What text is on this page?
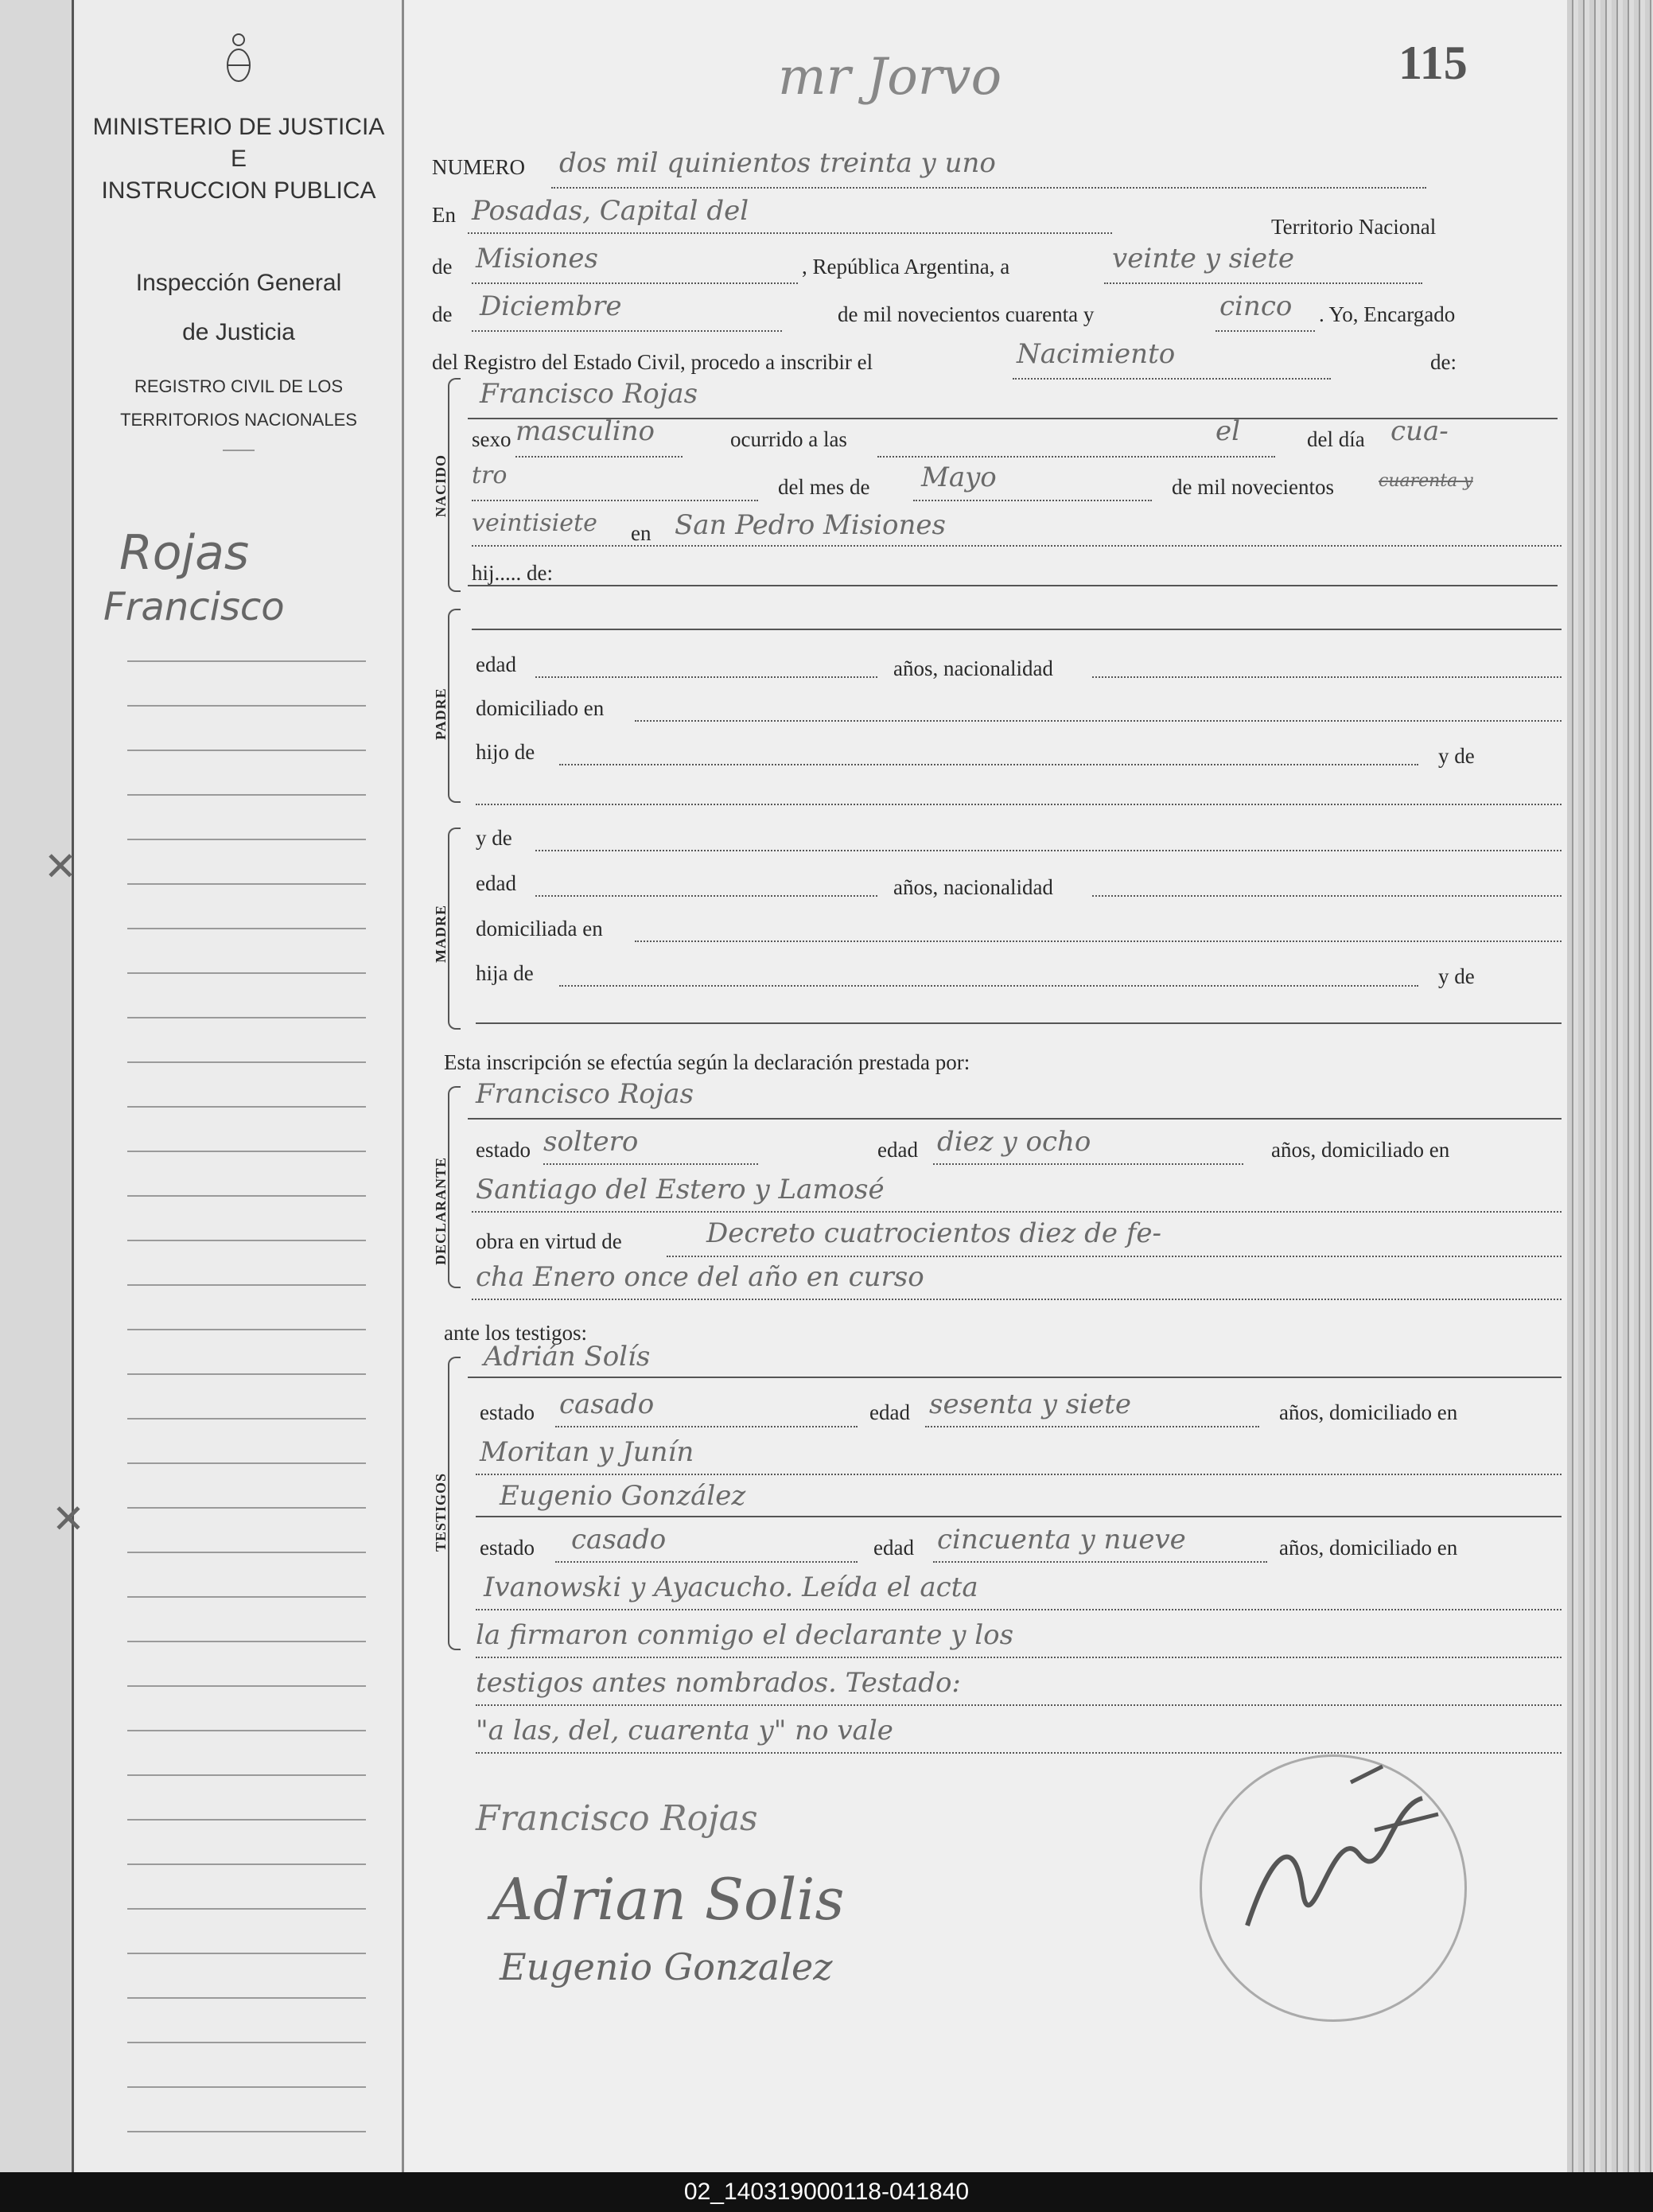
MINISTERIO DE JUSTICIA
E
INSTRUCCION PUBLICA
Inspección General
de Justicia
REGISTRO CIVIL DE LOS
TERRITORIOS NACIONALES
Rojas
Francisco
✕
✕
mr Jorvo	115
NUMERO dos mil quinientos treinta y uno
En Posadas, Capital del	Territorio Nacional
de Misiones	, República Argentina, a	veinte y siete
de Diciembre	de mil novecientos cuarenta y	cinco . Yo, Encargado
del Registro del Estado Civil, procedo a inscribir el	Nacimiento	de:
NACIDO
Francisco Rojas
sexo masculino	ocurrido a las	el	del día cua-
tro	del mes de Mayo	de mil novecientos	cuarenta y
veintisiete en San Pedro Misiones
hij..... de:
PADRE
edad	años, nacionalidad
domiciliado en
hijo de	y de
MADRE
y de
edad	años, nacionalidad
domiciliada en
hija de	y de
Esta inscripción se efectúa según la declaración prestada por:
DECLARANTE
Francisco Rojas
estado soltero	edad diez y ocho	años, domiciliado en
Santiago del Estero y Lamosé
obra en virtud de	Decreto cuatrocientos diez de fe-
cha Enero once del año en curso
ante los testigos:
TESTIGOS
Adrián Solís
estado casado	edad sesenta y siete	años, domiciliado en
Moritan y Junín
Eugenio González
estado casado	edad cincuenta y nueve	años, domiciliado en
Ivanowski y Ayacucho. Leída el acta
la firmaron conmigo el declarante y los
testigos antes nombrados. Testado:
"a las, del, cuarenta y" no vale
Francisco Rojas
Adrian Solis
Eugenio Gonzalez
02_140319000118-041840
